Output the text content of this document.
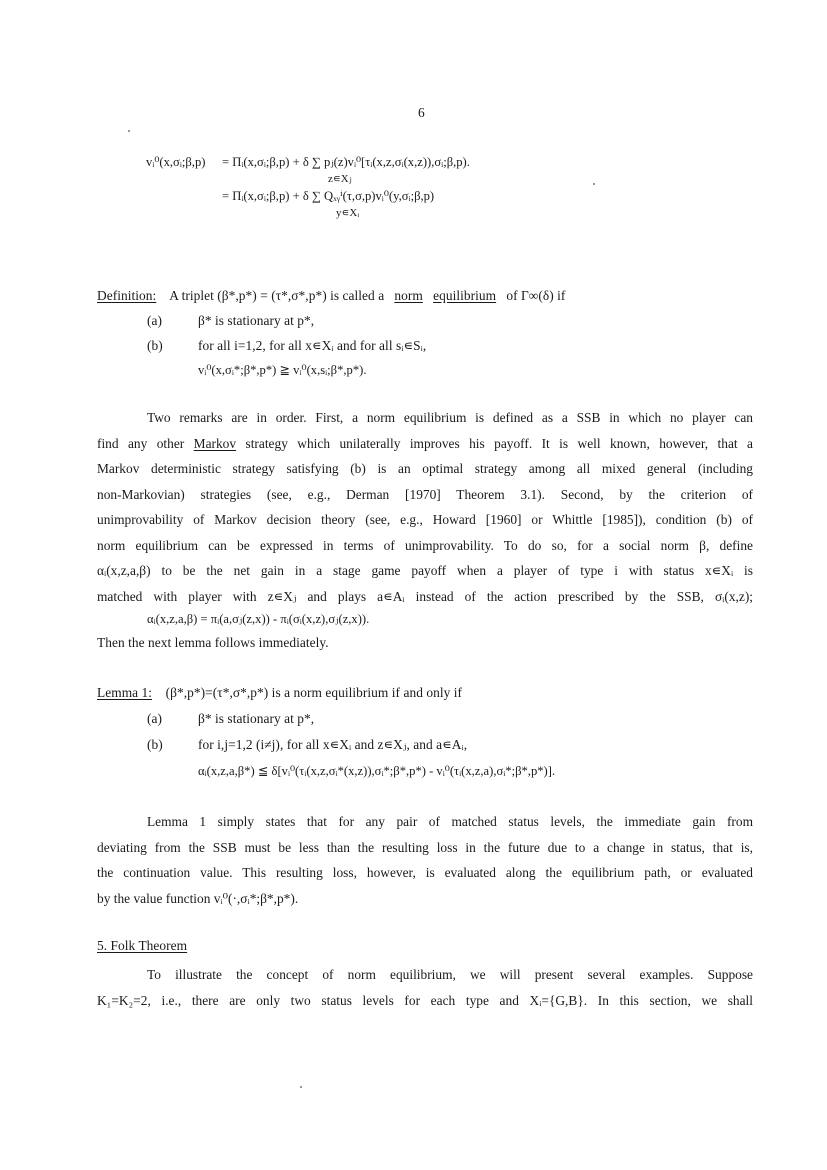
6
vᵢ⁰(x,σᵢ;β,p) = Πᵢ(x,σᵢ;β,p) + δ ∑ pⱼ(z)vᵢ⁰[τᵢ(x,z,σᵢ(x,z)),σᵢ;β,p).
z∊Xⱼ
= Πᵢ(x,σᵢ;β,p) + δ ∑ Qₓᵧⁱ(τ,σ,p)vᵢ⁰(y,σᵢ;β,p)
y∊Xᵢ
Definition: A triplet (β*,p*) = (τ*,σ*,p*) is called a norm equilibrium of Γ∞(δ) if
(a)	β* is stationary at p*,
(b)	for all i=1,2, for all x∊Xᵢ and for all sᵢ∊Sᵢ,
vᵢ⁰(x,σᵢ*;β*,p*) ≧ vᵢ⁰(x,sᵢ;β*,p*).
Two remarks are in order. First, a norm equilibrium is defined as a SSB in which no player can
find any other Markov strategy which unilaterally improves his payoff. It is well known, however, that a
Markov deterministic strategy satisfying (b) is an optimal strategy among all mixed general (including
non-Markovian) strategies (see, e.g., Derman [1970] Theorem 3.1). Second, by the criterion of
unimprovability of Markov decision theory (see, e.g., Howard [1960] or Whittle [1985]), condition (b) of
norm equilibrium can be expressed in terms of unimprovability. To do so, for a social norm β, define
αᵢ(x,z,a,β) to be the net gain in a stage game payoff when a player of type i with status x∊Xᵢ is
matched with player with z∊Xⱼ and plays a∊Aᵢ instead of the action prescribed by the SSB, σᵢ(x,z);
αᵢ(x,z,a,β) = πᵢ(a,σⱼ(z,x)) - πᵢ(σᵢ(x,z),σⱼ(z,x)).
Then the next lemma follows immediately.
Lemma 1: (β*,p*)=(τ*,σ*,p*) is a norm equilibrium if and only if
(a)	β* is stationary at p*,
(b)	for i,j=1,2 (i≠j), for all x∊Xᵢ and z∊Xⱼ, and a∊Aᵢ,
αᵢ(x,z,a,β*) ≦ δ[vᵢ⁰(τᵢ(x,z,σᵢ*(x,z)),σᵢ*;β*,p*) - vᵢ⁰(τᵢ(x,z,a),σᵢ*;β*,p*)].
Lemma 1 simply states that for any pair of matched status levels, the immediate gain from
deviating from the SSB must be less than the resulting loss in the future due to a change in status, that is,
the continuation value. This resulting loss, however, is evaluated along the equilibrium path, or evaluated
by the value function vᵢ⁰(·,σᵢ*;β*,p*).
5. Folk Theorem
To illustrate the concept of norm equilibrium, we will present several examples. Suppose
K₁=K₂=2, i.e., there are only two status levels for each type and Xᵢ={G,B}. In this section, we shall
